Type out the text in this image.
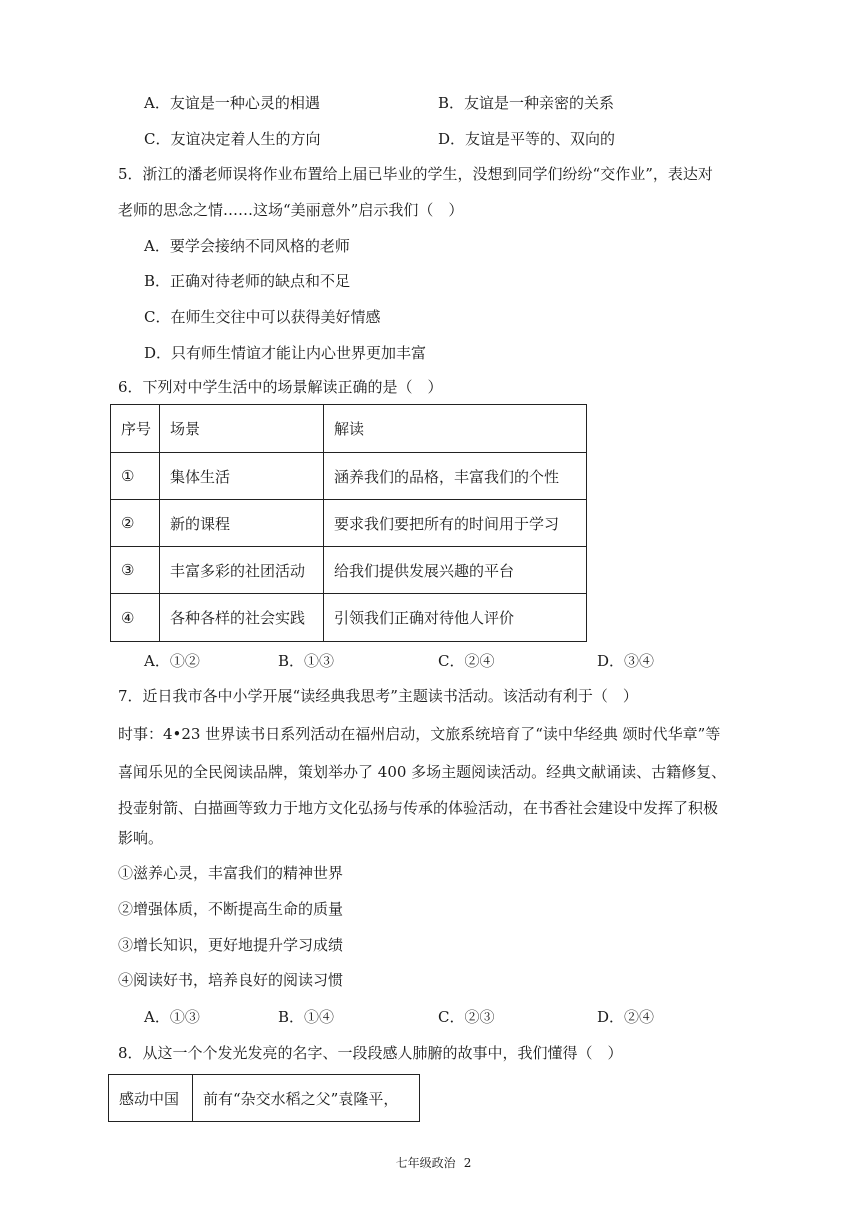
A．友谊是一种心灵的相遇	B．友谊是一种亲密的关系
C．友谊决定着人生的方向	D．友谊是平等的、双向的
5．浙江的潘老师误将作业布置给上届已毕业的学生，没想到同学们纷纷“交作业”，表达对
老师的思念之情……这场“美丽意外”启示我们（　）
A．要学会接纳不同风格的老师
B．正确对待老师的缺点和不足
C．在师生交往中可以获得美好情感
D．只有师生情谊才能让内心世界更加丰富
6．下列对中学生活中的场景解读正确的是（　）
序号	场景	解读
①	集体生活	涵养我们的品格，丰富我们的个性
②	新的课程	要求我们要把所有的时间用于学习
③	丰富多彩的社团活动	给我们提供发展兴趣的平台
④	各种各样的社会实践	引领我们正确对待他人评价
A．①②	B．①③	C．②④	D．③④
7．近日我市各中小学开展“读经典我思考”主题读书活动。该活动有利于（　）
时事：4•23 世界读书日系列活动在福州启动，文旅系统培育了“读中华经典 颂时代华章”等
喜闻乐见的全民阅读品牌，策划举办了 400 多场主题阅读活动。经典文献诵读、古籍修复、
投壶射箭、白描画等致力于地方文化弘扬与传承的体验活动，在书香社会建设中发挥了积极
影响。
①滋养心灵，丰富我们的精神世界
②增强体质，不断提高生命的质量
③增长知识，更好地提升学习成绩
④阅读好书，培养良好的阅读习惯
A．①③	B．①④	C．②③	D．②④
8．从这一个个发光发亮的名字、一段段感人肺腑的故事中，我们懂得（　）
感动中国	前有“杂交水稻之父”袁隆平，
七年级政治 2
